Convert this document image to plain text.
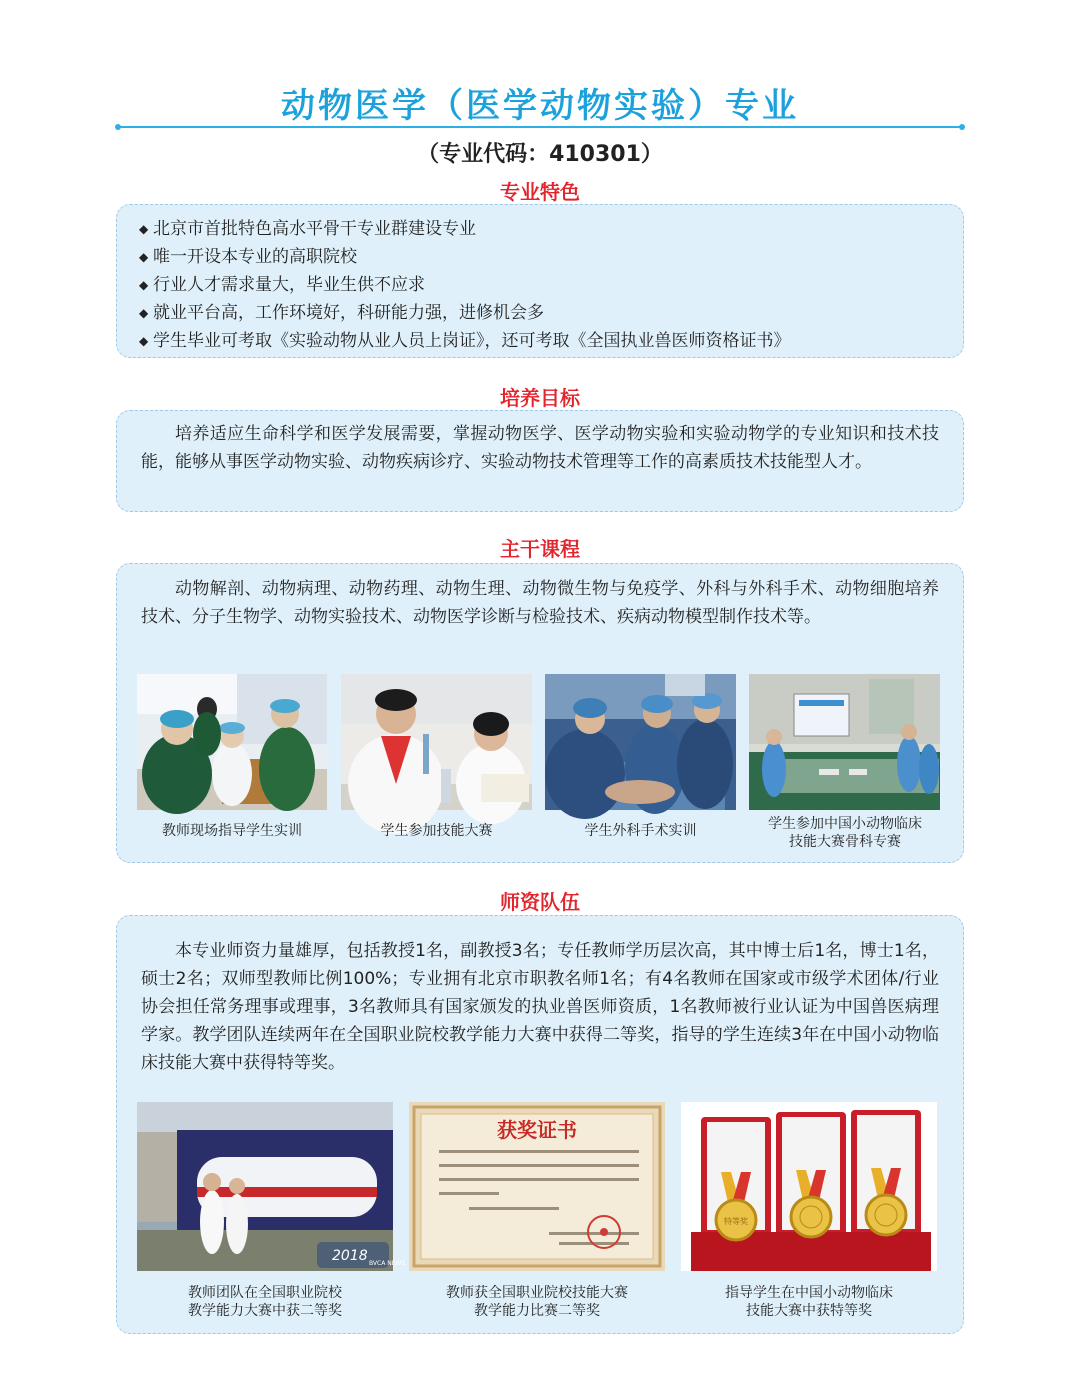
动物医学（医学动物实验）专业
（专业代码：410301）
专业特色
◆ 北京市首批特色高水平骨干专业群建设专业
◆ 唯一开设本专业的高职院校
◆ 行业人才需求量大，毕业生供不应求
◆ 就业平台高，工作环境好，科研能力强，进修机会多
◆ 学生毕业可考取《实验动物从业人员上岗证》，还可考取《全国执业兽医师资格证书》
培养目标

培养适应生命科学和医学发展需要，掌握动物医学、医学动物实验和实验动物学的专业知识和技术技能，能够从事医学动物实验、动物疾病诊疗、实验动物技术管理等工作的高素质技术技能型人才。

主干课程

动物解剖、动物病理、动物药理、动物生理、动物微生物与免疫学、外科与外科手术、动物细胞培养技术、分子生物学、动物实验技术、动物医学诊断与检验技术、疾病动物模型制作技术等。

教师现场指导学生实训	学生参加技能大赛	学生外科手术实训	学生参加中国小动物临床
技能大赛骨科专赛
师资队伍

本专业师资力量雄厚，包括教授1名，副教授3名；专任教师学历层次高，其中博士后1名，博士1名，硕士2名；双师型教师比例100%；专业拥有北京市职教名师1名；有4名教师在国家或市级学术团体/行业协会担任常务理事或理事，3名教师具有国家颁发的执业兽医师资质，1名教师被行业认证为中国兽医病理学家。教学团队连续两年在全国职业院校教学能力大赛中获得二等奖，指导的学生连续3年在中国小动物临床技能大赛中获得特等奖。

2018 BVCA NEWS
获奖证书
特等奖
教师团队在全国职业院校
教学能力大赛中获二等奖
教师获全国职业院校技能大赛
教学能力比赛二等奖
指导学生在中国小动物临床
技能大赛中获特等奖
